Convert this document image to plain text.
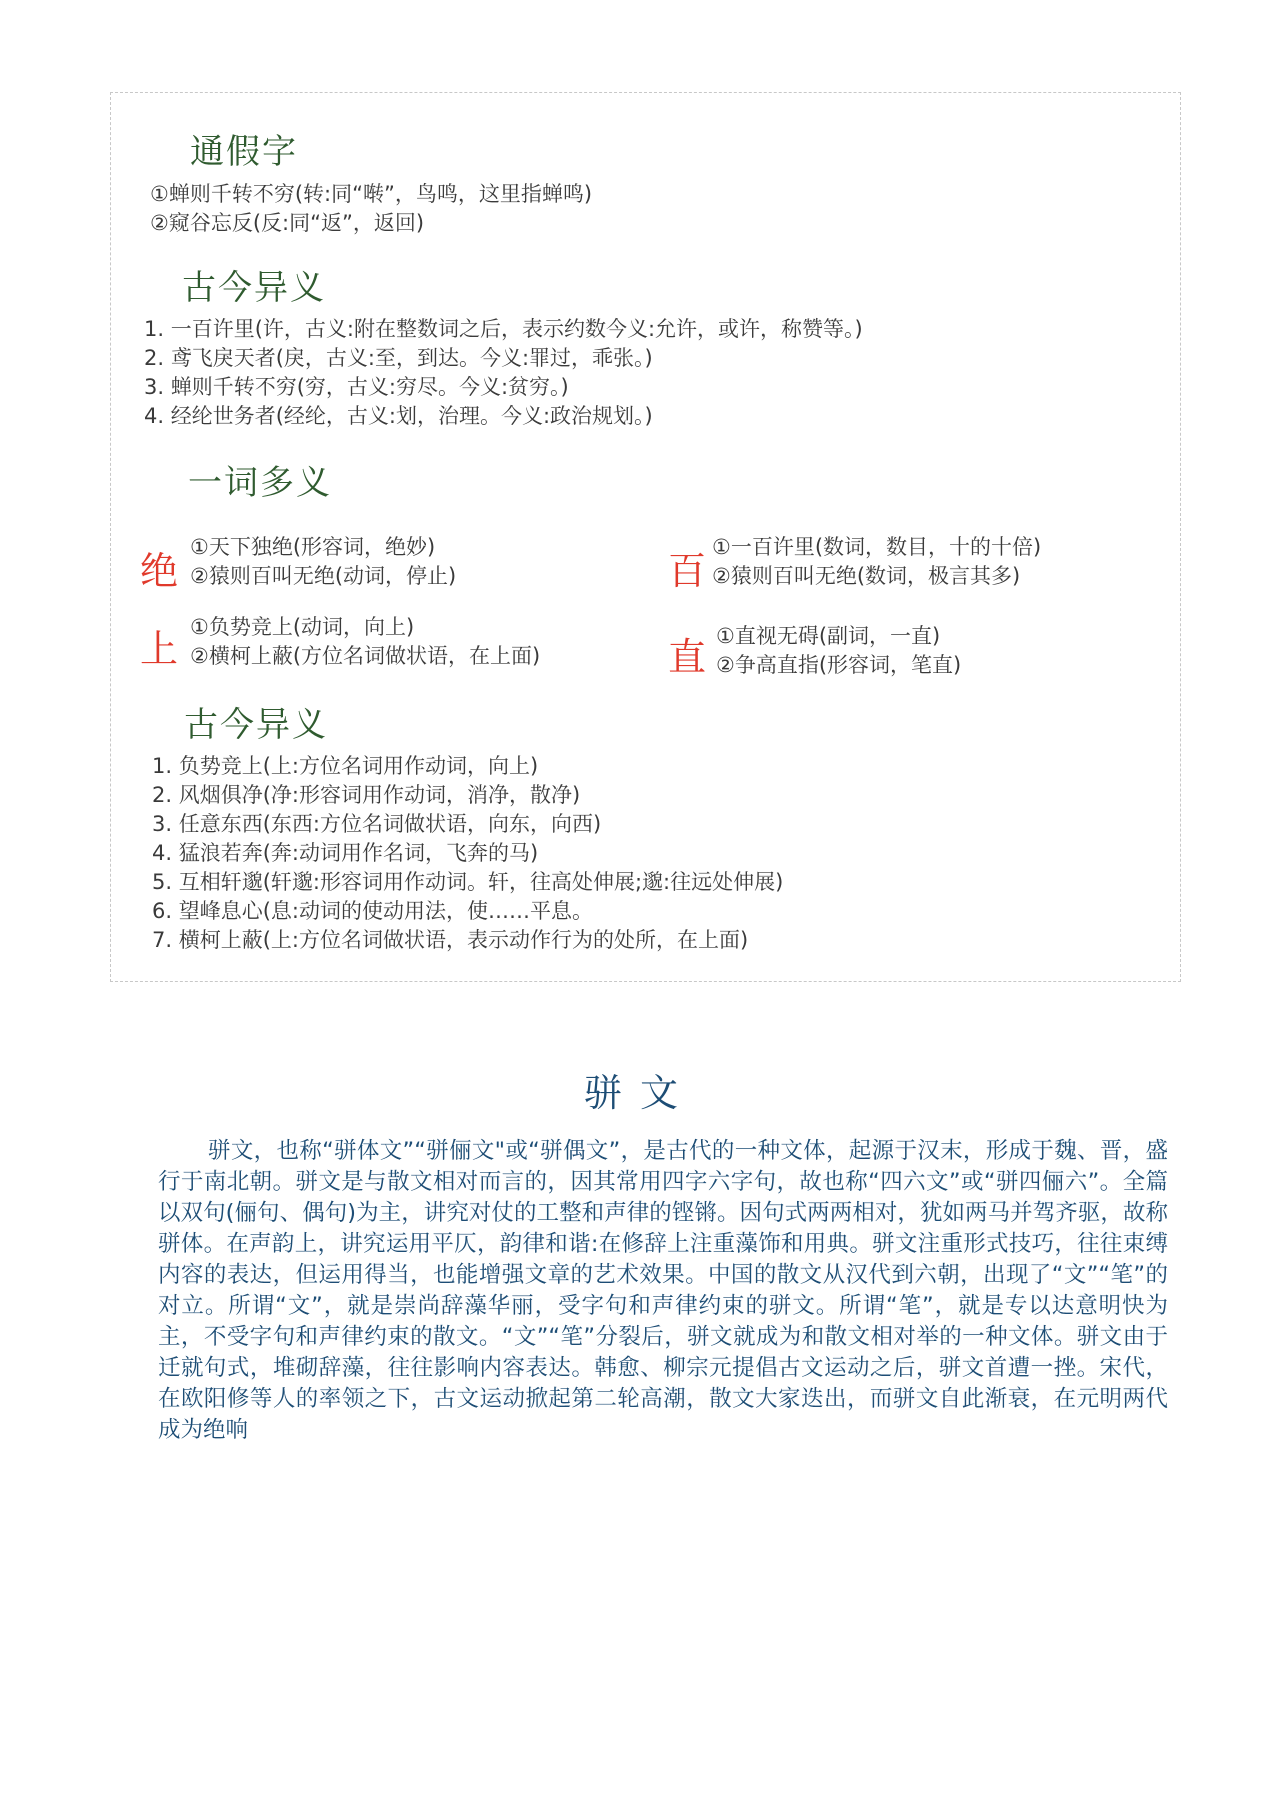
通假字
①蝉则千转不穷(转:同“啭”，鸟鸣，这里指蝉鸣)
②窥谷忘反(反:同“返”，返回)
古今异义
1. 一百许里(许，古义:附在整数词之后，表示约数今义:允许，或许，称赞等。)
2. 鸢飞戾天者(戾，古义:至，到达。今义:罪过，乖张。)
3. 蝉则千转不穷(穷，古义:穷尽。今义:贫穷。)
4. 经纶世务者(经纶，古义:划，治理。今义:政治规划。)
一词多义
绝
①天下独绝(形容词，绝妙)
②猿则百叫无绝(动词，停止)	百
①一百许里(数词，数目，十的十倍)
②猿则百叫无绝(数词，极言其多)
上 ①负势竞上(动词，向上)
②横柯上蔽(方位名词做状语，在上面)	直 ①直视无碍(副词，一直)
②争高直指(形容词，笔直)
古今异义
1. 负势竞上(上:方位名词用作动词，向上)
2. 风烟俱净(净:形容词用作动词，消净，散净)
3. 任意东西(东西:方位名词做状语，向东，向西)
4. 猛浪若奔(奔:动词用作名词，飞奔的马)
5. 互相轩邈(轩邈:形容词用作动词。轩，往高处伸展;邈:往远处伸展)
6. 望峰息心(息:动词的使动用法，使……平息。
7. 横柯上蔽(上:方位名词做状语，表示动作行为的处所，在上面)
骈文

骈文，也称“骈体文”“骈俪文"或“骈偶文”，是古代的一种文体，起源于汉末，形成于魏、晋，盛行于南北朝。骈文是与散文相对而言的，因其常用四字六字句，故也称“四六文”或“骈四俪六”。全篇以双句(俪句、偶句)为主，讲究对仗的工整和声律的铿锵。因句式两两相对，犹如两马并驾齐驱，故称骈体。在声韵上，讲究运用平仄，韵律和谐:在修辞上注重藻饰和用典。骈文注重形式技巧，往往束缚内容的表达，但运用得当，也能增强文章的艺术效果。中国的散文从汉代到六朝，出现了“文”“笔”的对立。所谓“文”，就是崇尚辞藻华丽，受字句和声律约束的骈文。所谓“笔”，就是专以达意明快为主，不受字句和声律约束的散文。“文”“笔”分裂后，骈文就成为和散文相对举的一种文体。骈文由于迁就句式，堆砌辞藻，往往影响内容表达。韩愈、柳宗元提倡古文运动之后，骈文首遭一挫。宋代，在欧阳修等人的率领之下，古文运动掀起第二轮高潮，散文大家迭出，而骈文自此渐衰，在元明两代成为绝响
